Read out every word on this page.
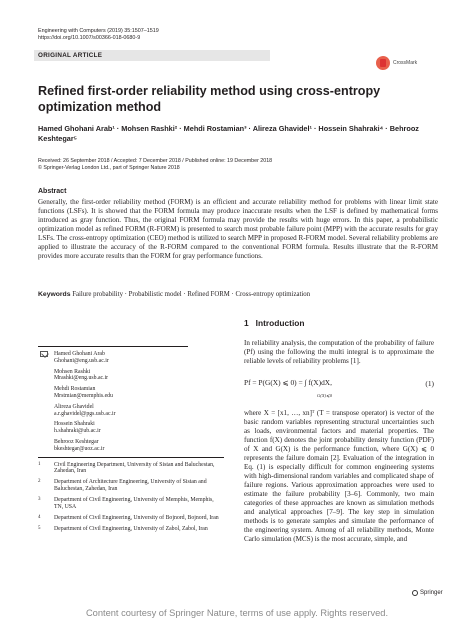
Engineering with Computers (2019) 35:1507–1519
https://doi.org/10.1007/s00366-018-0680-9
ORIGINAL ARTICLE
CrossMark
Refined first-order reliability method using cross-entropy optimization method
Hamed Ghohani Arab¹ · Mohsen Rashki² · Mehdi Rostamian³ · Alireza Ghavidel¹ · Hossein Shahraki⁴ · Behrooz Keshtegar⁵
Received: 26 September 2018 / Accepted: 7 December 2018 / Published online: 19 December 2018
© Springer-Verlag London Ltd., part of Springer Nature 2018
Abstract

Generally, the first-order reliability method (FORM) is an efficient and accurate reliability method for problems with linear limit state functions (LSFs). It is showed that the FORM formula may produce inaccurate results when the LSF is defined by mathematical forms introduced as gray function. Thus, the original FORM formula may provide the results with huge errors. In this paper, a probabilistic optimization model as refined FORM (R-FORM) is presented to search most probable failure point (MPP) with the accurate results for gray LSFs. The cross-entropy optimization (CEO) method is utilized to search MPP in proposed R-FORM model. Several reliability problems are applied to illustrate the accuracy of the R-FORM compared to the conventional FORM formula. Results illustrate that the R-FORM provides more accurate results than the FORM for gray performance functions.

Keywords Failure probability · Probabilistic model · Refined FORM · Cross-entropy optimization
Hamed Ghohani Arab
Ghohani@eng.usb.ac.ir
Mohsen Rashki
Mrashki@eng.usb.ac.ir
Mehdi Rostamian
Mrstmian@memphis.edu
Alireza Ghavidel
a.r.ghavidel@pgs.usb.ac.ir
Hossein Shahraki
h.shahraki@ub.ac.ir
Behrooz Keshtegar
bkeshtegar@uoz.ac.ir
1	Civil Engineering Department, University of Sistan and Baluchestan, Zahedan, Iran
2	Department of Architecture Engineering, University of Sistan and Baluchestan, Zahedan, Iran
3	Department of Civil Engineering, University of Memphis, Memphis, TN, USA
4	Department of Civil Engineering, University of Bojnord, Bojnord, Iran
5	Department of Civil Engineering, University of Zabol, Zabol, Iran
1 Introduction

In reliability analysis, the computation of the probability of failure (Pf) using the following the multi integral is to approximate the reliable levels of reliability problems [1].

Pf = P(G(X) ⩽ 0) = ∫ f(X)dX,
G(X)⩽0
(1)

where X = [x1, …, xn]ᵀ (T = transpose operator) is vector of the basic random variables representing structural uncertainties such as loads, environmental factors and material properties. The function f(X) denotes the joint probability density function (PDF) of X and G(X) is the performance function, where G(X) ⩽ 0 represents the failure domain [2]. Evaluation of the integration in Eq. (1) is especially difficult for common engineering systems with high-dimensional random variables and complicated shape of failure regions. Various approximation approaches were used to estimate the failure probability [3–6]. Commonly, two main categories of these approaches are known as simulation methods and analytical approaches [7–9]. The key step in simulation methods is to generate samples and simulate the performance of the engineering system. Among of all reliability methods, Monte Carlo simulation (MCS) is the most accurate, simple, and

Springer
Content courtesy of Springer Nature, terms of use apply. Rights reserved.
